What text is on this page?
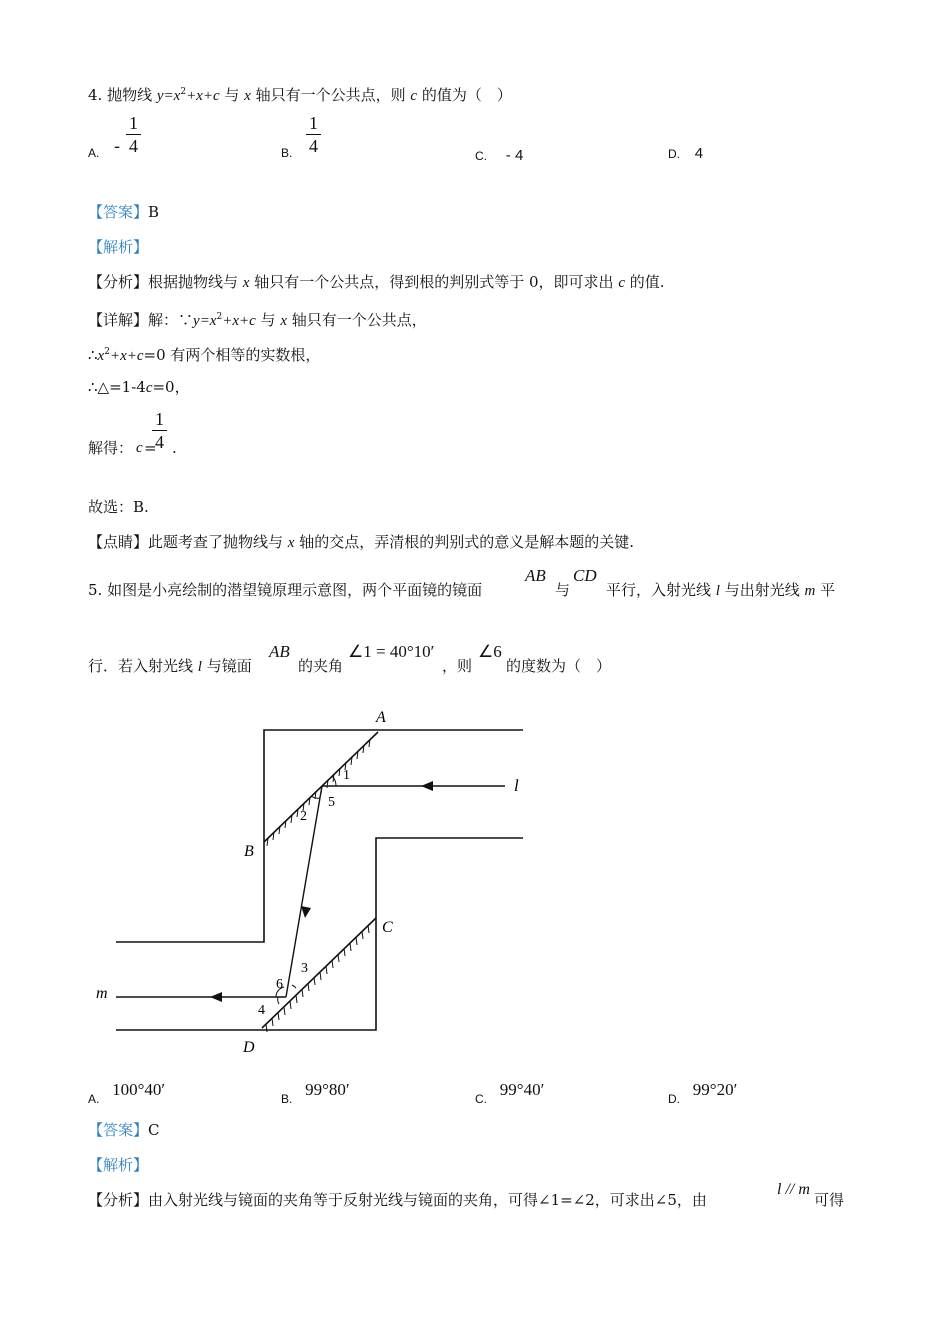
4. 抛物线 $y=x^2+x+c$ 与 x 轴只有一个公共点，则 c 的值为（　）
A. - $\frac{1}{4}$	B. $\frac{1}{4}$	C. - 4	D. 4
【答案】B
【解析】
【分析】根据抛物线与 x 轴只有一个公共点，得到根的判别式等于 0，即可求出 c 的值.
【详解】解：$\because y=x^2+x+c$ 与 x 轴只有一个公共点，
$\therefore x^2+x+c=0$ 有两个相等的实数根，
∴△=1-4c=0，
解得： c =
$\frac{1}{4}$ .
故选：B.
【点睛】此题考查了抛物线与 x 轴的交点，弄清根的判别式的意义是解本题的关键.
5. 如图是小亮绘制的潜望镜原理示意图，两个平面镜的镜面
AB
与
CD
平行，入射光线 l 与出射光线 m 平
行．若入射光线 l 与镜面
AB
的夹角
∠1 = 40°10′
，则
∠6
的度数为（　）
A
B
C
D
l
m
1
2
3
4
5
6
$_{A.}$ 100°40′	$_{B.}$ 99°80′	$_{C.}$ 99°40′	$_{D.}$ 99°20′
【答案】C
【解析】
【分析】由入射光线与镜面的夹角等于反射光线与镜面的夹角，可得∠1=∠2，可求出∠5，由
l // m
可得
